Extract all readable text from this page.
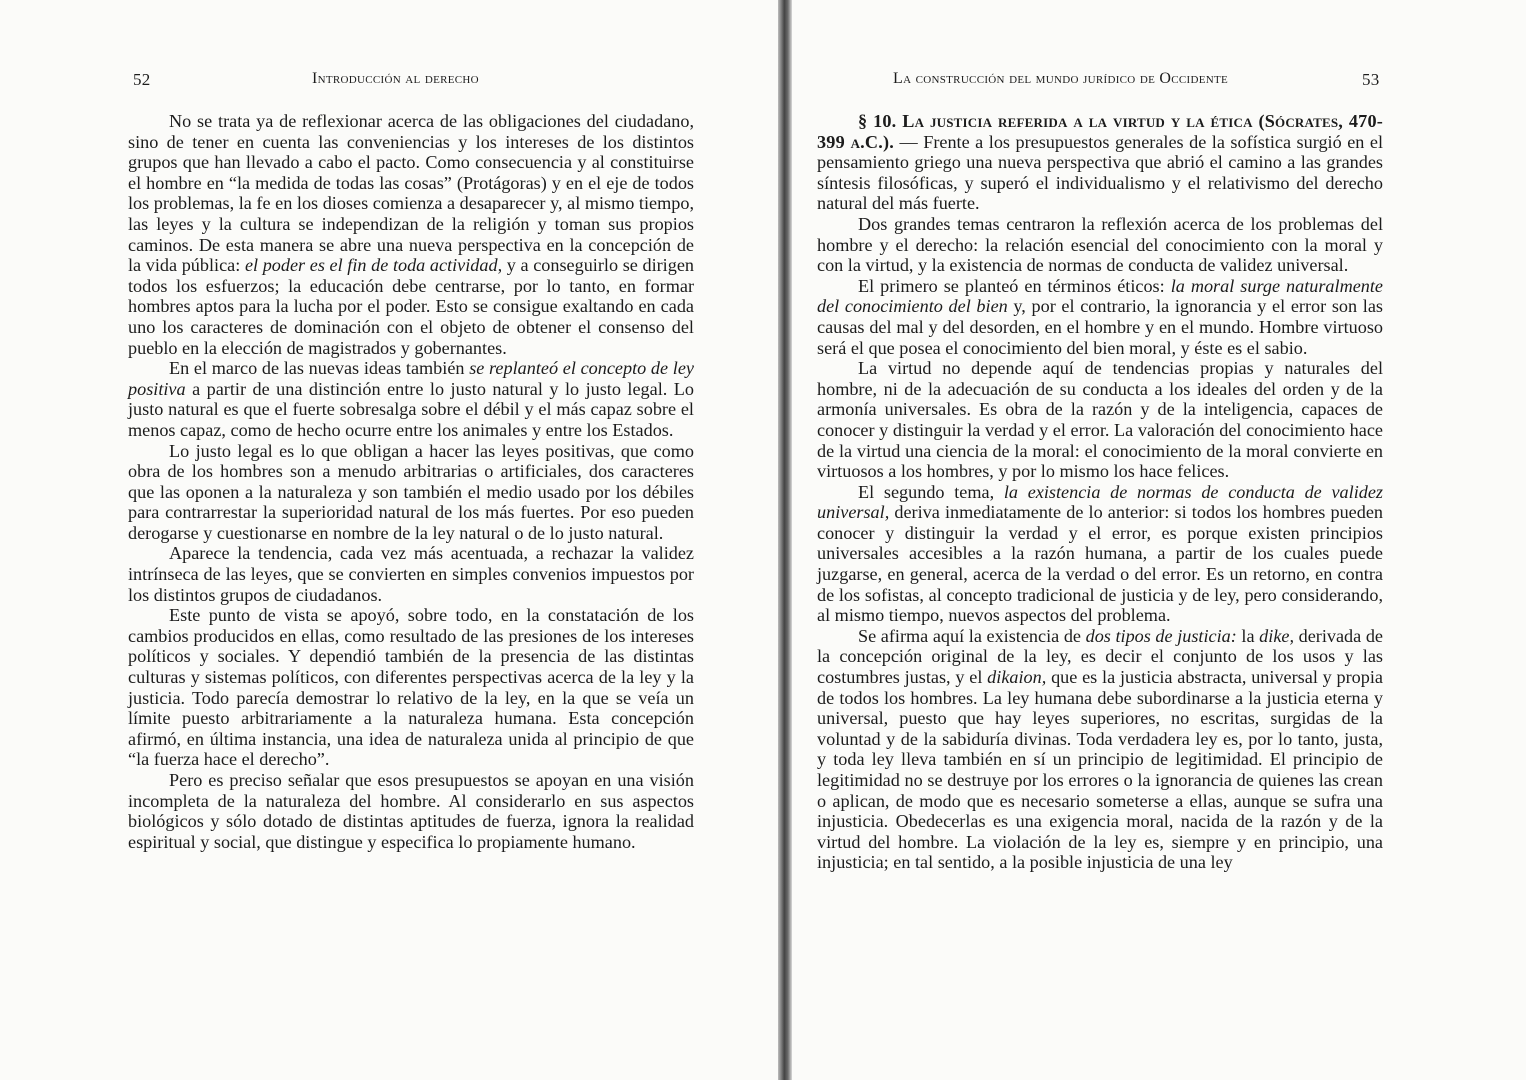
52	Introducción al derecho

No se trata ya de reflexionar acerca de las obligaciones del ciudadano, sino de tener en cuenta las conveniencias y los intereses de los distintos grupos que han llevado a cabo el pacto. Como consecuencia y al constituirse el hombre en “la medida de todas las cosas” (Protágoras) y en el eje de todos los problemas, la fe en los dioses comienza a desaparecer y, al mismo tiempo, las leyes y la cultura se independizan de la religión y toman sus propios caminos. De esta manera se abre una nueva perspectiva en la concepción de la vida pública: el poder es el fin de toda actividad, y a conseguirlo se dirigen todos los esfuerzos; la educación debe centrarse, por lo tanto, en formar hombres aptos para la lucha por el poder. Esto se consigue exaltando en cada uno los caracteres de dominación con el objeto de obtener el consenso del pueblo en la elección de magistrados y gobernantes.

En el marco de las nuevas ideas también se replanteó el concepto de ley positiva a partir de una distinción entre lo justo natural y lo justo legal. Lo justo natural es que el fuerte sobresalga sobre el débil y el más capaz sobre el menos capaz, como de hecho ocurre entre los animales y entre los Estados.

Lo justo legal es lo que obligan a hacer las leyes positivas, que como obra de los hombres son a menudo arbitrarias o artificiales, dos caracteres que las oponen a la naturaleza y son también el medio usado por los débiles para contrarrestar la superioridad natural de los más fuertes. Por eso pueden derogarse y cuestionarse en nombre de la ley natural o de lo justo natural.

Aparece la tendencia, cada vez más acentuada, a rechazar la validez intrínseca de las leyes, que se convierten en simples convenios impuestos por los distintos grupos de ciudadanos.

Este punto de vista se apoyó, sobre todo, en la constatación de los cambios producidos en ellas, como resultado de las presiones de los intereses políticos y sociales. Y dependió también de la presencia de las distintas culturas y sistemas políticos, con diferentes perspectivas acerca de la ley y la justicia. Todo parecía demostrar lo relativo de la ley, en la que se veía un límite puesto arbitrariamente a la naturaleza humana. Esta concepción afirmó, en última instancia, una idea de naturaleza unida al principio de que “la fuerza hace el derecho”.

Pero es preciso señalar que esos presupuestos se apoyan en una visión incompleta de la naturaleza del hombre. Al considerarlo en sus aspectos biológicos y sólo dotado de distintas aptitudes de fuerza, ignora la realidad espiritual y social, que distingue y especifica lo propiamente humano.

La construcción del mundo jurídico de Occidente	53

§ 10. La justicia referida a la virtud y la ética (Sócrates, 470-399 a.C.). — Frente a los presupuestos generales de la sofística surgió en el pensamiento griego una nueva perspectiva que abrió el camino a las grandes síntesis filosóficas, y superó el individualismo y el relativismo del derecho natural del más fuerte.

Dos grandes temas centraron la reflexión acerca de los problemas del hombre y el derecho: la relación esencial del conocimiento con la moral y con la virtud, y la existencia de normas de conducta de validez universal.

El primero se planteó en términos éticos: la moral surge naturalmente del conocimiento del bien y, por el contrario, la ignorancia y el error son las causas del mal y del desorden, en el hombre y en el mundo. Hombre virtuoso será el que posea el conocimiento del bien moral, y éste es el sabio.

La virtud no depende aquí de tendencias propias y naturales del hombre, ni de la adecuación de su conducta a los ideales del orden y de la armonía universales. Es obra de la razón y de la inteligencia, capaces de conocer y distinguir la verdad y el error. La valoración del conocimiento hace de la virtud una ciencia de la moral: el conocimiento de la moral convierte en virtuosos a los hombres, y por lo mismo los hace felices.

El segundo tema, la existencia de normas de conducta de validez universal, deriva inmediatamente de lo anterior: si todos los hombres pueden conocer y distinguir la verdad y el error, es porque existen principios universales accesibles a la razón humana, a partir de los cuales puede juzgarse, en general, acerca de la verdad o del error. Es un retorno, en contra de los sofistas, al concepto tradicional de justicia y de ley, pero considerando, al mismo tiempo, nuevos aspectos del problema.

Se afirma aquí la existencia de dos tipos de justicia: la dike, derivada de la concepción original de la ley, es decir el conjunto de los usos y las costumbres justas, y el dikaion, que es la justicia abstracta, universal y propia de todos los hombres. La ley humana debe subordinarse a la justicia eterna y universal, puesto que hay leyes superiores, no escritas, surgidas de la voluntad y de la sabiduría divinas. Toda verdadera ley es, por lo tanto, justa, y toda ley lleva también en sí un principio de legitimidad. El principio de legitimidad no se destruye por los errores o la ignorancia de quienes las crean o aplican, de modo que es necesario someterse a ellas, aunque se sufra una injusticia. Obedecerlas es una exigencia moral, nacida de la razón y de la virtud del hombre. La violación de la ley es, siempre y en principio, una injusticia; en tal sentido, a la posible injusticia de una ley
